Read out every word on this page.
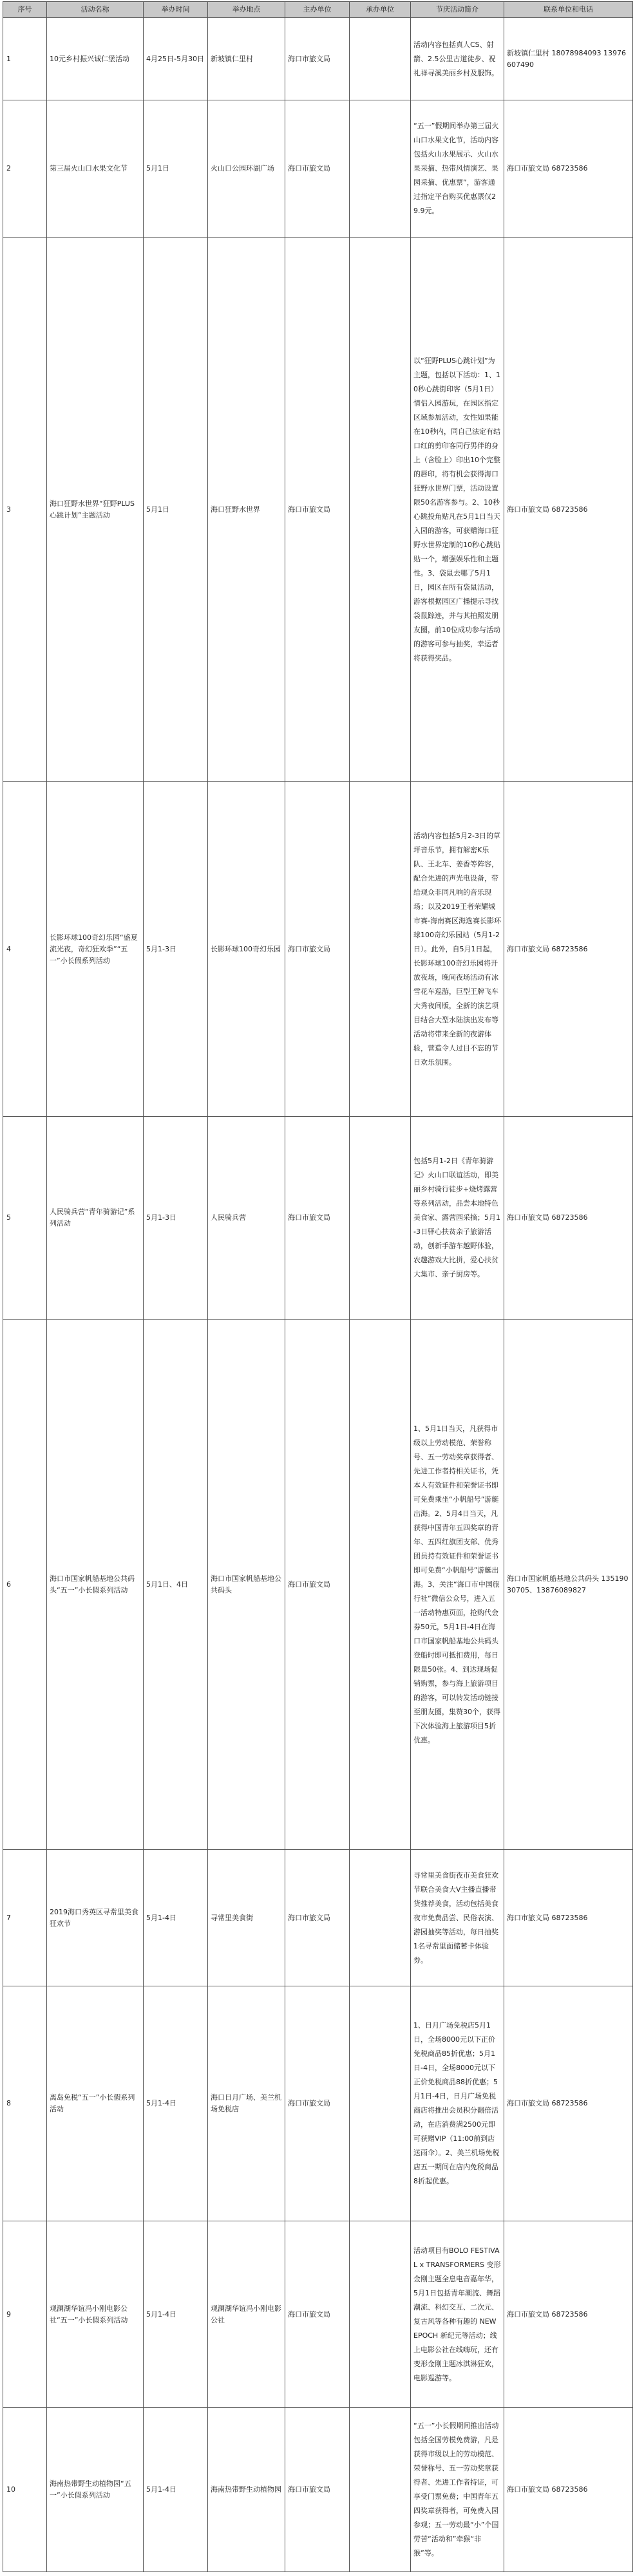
序号	活动名称	举办时间	举办地点	主办单位	承办单位	节庆活动简介	联系单位和电话
1	10元乡村振兴诚仁堡活动	4月25日-5月30日	新坡镇仁里村	海口市旅文局		活动内容包括真人CS、射箭、2.5公里古道徒步、祝礼祥寻溪美丽乡村及服饰。	新坡镇仁里村 18078984093 13976607490
2	第三届火山口水果文化节	5月1日	火山口公园环湖广场	海口市旅文局		“五一”假期间举办第三届火山口水果文化节，活动内容包括火山水果展示、火山水果采摘、热带风情演艺、果园采摘、优惠票”，游客通过指定平台购买优惠票仅29.9元。	海口市旅文局 68723586
3	海口狂野水世界“狂野PLUS心跳计划”主题活动	5月1日	海口狂野水世界	海口市旅文局		以“狂野PLUS心跳计划”为主题，包括以下活动：1、10秒心跳街印客（5月1日）情侣入园游玩，在园区指定区域参加活动，女性如果能在10秒内，同自己法定有结口红的剪印客同行男伴的身上（含脸上）印出10个完整的唇印，将有机会获得海口狂野水世界门票，活动设置限50名游客参与。2、10秒心跳投角贴凡在5月1日当天入园的游客，可获赠海口狂野水世界定制的10秒心跳贴贴一个，增强娱乐性和主题性。3、袋鼠去哪了5月1日，园区在所有袋鼠活动，游客根据园区广播提示寻找袋鼠踪迹，并与其拍照发朋友圈，前10位成功参与活动的游客可参与抽奖，幸运者将获得奖品。	海口市旅文局 68723586
4	长影环球100奇幻乐园“盛夏流光夜，奇幻狂欢季”“五一”小长假系列活动	5月1-3日	长影环球100奇幻乐园	海口市旅文局		活动内容包括5月2-3日的草坪音乐节，拥有解密K乐队、王北车、姜香等阵容，配合先进的声光电设备，带给观众非同凡响的音乐现场；以及2019王者荣耀城市赛-海南赛区海选赛长影环球100奇幻乐园站（5月1-2日）。此外，自5月1日起，长影环球100奇幻乐园将开放夜场，晚间夜场活动有冰雪花车巡游，巨型王牌飞车大秀夜间版，全新的演艺项目结合大型水陆演出发布等活动将带来全新的夜游体验，营造令人过目不忘的节日欢乐氛围。	海口市旅文局 68723586
5	人民骑兵营“青年骑游记”系列活动	5月1-3日	人民骑兵营	海口市旅文局		包括5月1-2日《青年骑游记》火山口联谊活动，即美丽乡村骑行徒步+烧烤露营等系列活动，品尝本地特色美食家、露营园采摘；5月1-3日驿心扶贫亲子旅游活动，创新手游车越野体验，农趣游戏大比拼，爱心扶贫大集市、亲子厨房等。	海口市旅文局 68723586
6	海口市国家帆船基地公共码头“五一”小长假系列活动	5月1日、4日	海口市国家帆船基地公共码头	海口市旅文局		1、5月1日当天，凡获得市级以上劳动模范、荣誉称号、五一劳动奖章获得者、先进工作者持相关证书，凭本人有效证件和荣誉证书即可免费乘坐“小帆船号”游艇出海。2、5月4日当天，凡获得中国青年五四奖章的青年、五四红旗团支部、优秀团员持有效证件和荣誉证书即可免费“小帆船号”游艇出海。3、关注“海口市中国旅行社”微信公众号，进入五一活动特惠页面，抢购代金券50元，5月1日-4日在海口市国家帆船基地公共码头登船时即可抵扣费用，每日限量50张。4、到达现场促销购票，参与海上旅游项目的游客，可以转发活动链接至朋友圈，集赞30个，获得下次体验海上旅游项目5折优惠。	海口市国家帆船基地公共码头 13519030705、13876089827
7	2019海口秀英区寻常里美食狂欢节	5月1-4日	寻常里美食街	海口市旅文局		寻常里美食街夜市美食狂欢节联合美食大V主播直播带货推荐美食，活动包括美食夜市免费品尝、民俗表演、游园抽奖等活动，每日抽奖1名寻常里面储蓄卡体验券。	海口市旅文局 68723586
8	离岛免税“五一”小长假系列活动	5月1-4日	海口日月广场、美兰机场免税店	海口市旅文局		1、日月广场免税店5月1日，全场8000元以下正价免税商品85折优惠；5月1日-4日，全场8000元以下正价免税商品88折优惠；5月1日-4日，日月广场免税商店将推出会员积分翻倍活动，在店消费满2500元即可获赠VIP（11:00前到店送雨伞）。2、美兰机场免税店五一期间在店内免税商品8折起优惠。	海口市旅文局 68723586
9	观澜湖华谊冯小刚电影公社“五一”小长假系列活动	5月1-4日	观澜湖华谊冯小刚电影公社	海口市旅文局		活动项目有BOLO FESTIVAL x TRANSFORMERS 变形金刚主题全息电音嘉年华，5月1日包括青年潮流、舞蹈潮流、科幻交互、二次元、复古风等各种有趣的 NEW EPOCH 新纪元等活动；线上电影公社在线嗨玩，还有变形金刚主题冰淇淋狂欢，电影巡游等。	海口市旅文局 68723586
10	海南热带野生动植物园“五一”小长假系列活动	5月1-4日	海南热带野生动植物园	海口市旅文局		“五一”小长假期间推出活动包括全国劳模免费游，凡是获得市级以上的劳动模范、荣誉称号、五一劳动奖章获得者、先进工作者持证，可享受门票免费；中国青年五四奖章获得者，可免费入园参观；五一劳动最“小”个国劳苦“活动和”牵猴“非猴”等。	海口市旅文局 68723586
